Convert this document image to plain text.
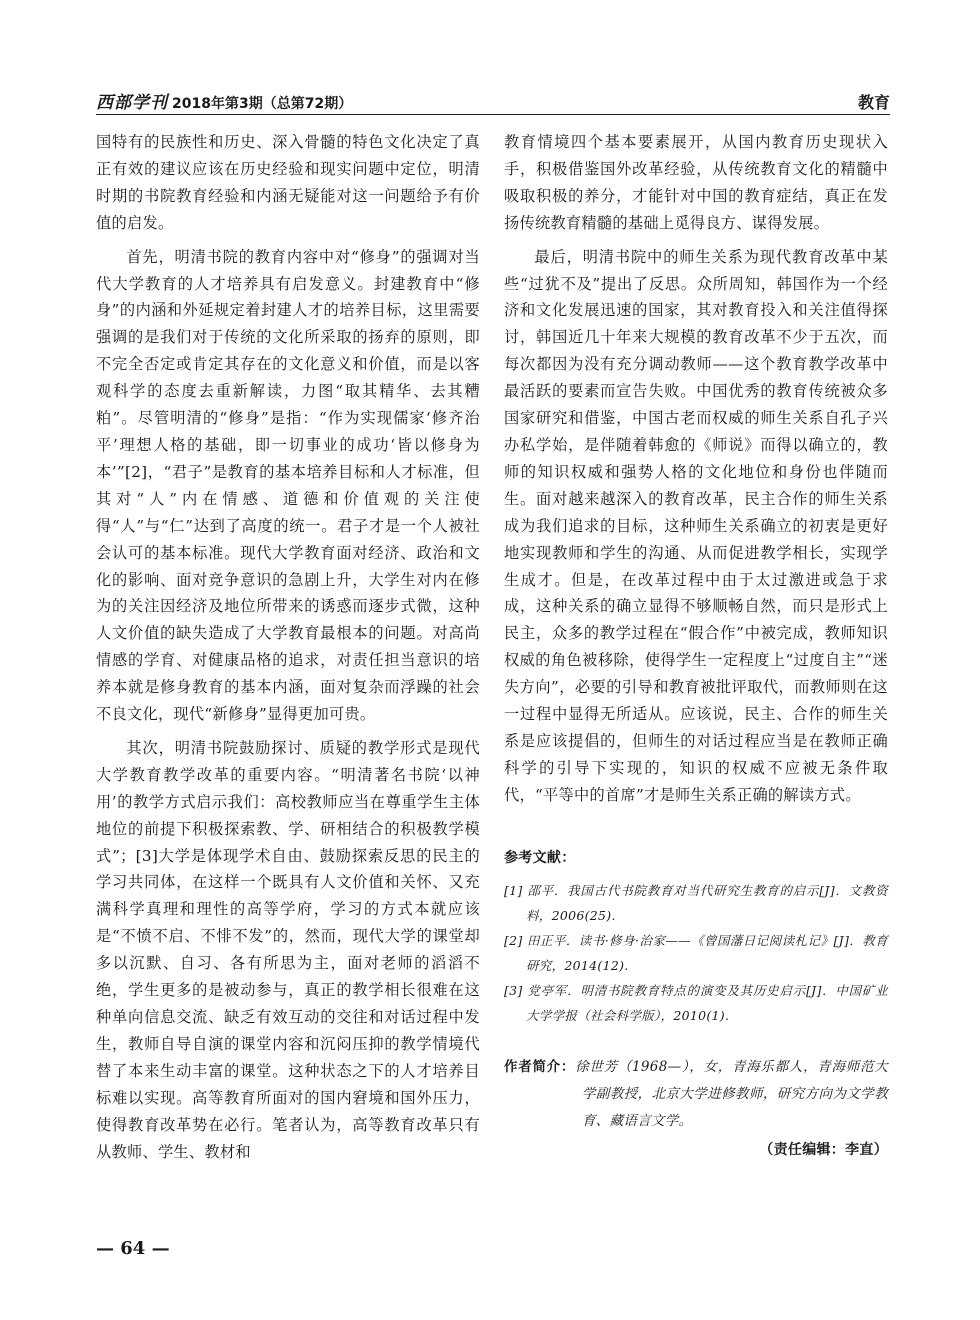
西部学刊 2018年第3期（总第72期）	教育

国特有的民族性和历史、深入骨髓的特色文化决定了真正有效的建议应该在历史经验和现实问题中定位，明清时期的书院教育经验和内涵无疑能对这一问题给予有价值的启发。

首先，明清书院的教育内容中对“修身”的强调对当代大学教育的人才培养具有启发意义。封建教育中“修身”的内涵和外延规定着封建人才的培养目标，这里需要强调的是我们对于传统的文化所采取的扬弃的原则，即不完全否定或肯定其存在的文化意义和价值，而是以客观科学的态度去重新解读，力图“取其精华、去其糟粕”。尽管明清的“修身”是指：“作为实现儒家‘修齐治平’理想人格的基础，即一切事业的成功‘皆以修身为本’”[2]，“君子”是教育的基本培养目标和人才标准，但其对“人”内在情感、道德和价值观的关注使得“人”与“仁”达到了高度的统一。君子才是一个人被社会认可的基本标准。现代大学教育面对经济、政治和文化的影响、面对竞争意识的急剧上升，大学生对内在修为的关注因经济及地位所带来的诱惑而逐步式微，这种人文价值的缺失造成了大学教育最根本的问题。对高尚情感的学育、对健康品格的追求，对责任担当意识的培养本就是修身教育的基本内涵，面对复杂而浮躁的社会不良文化，现代“新修身”显得更加可贵。

其次，明清书院鼓励探讨、质疑的教学形式是现代大学教育教学改革的重要内容。“明清著名书院‘以神用’的教学方式启示我们：高校教师应当在尊重学生主体地位的前提下积极探索教、学、研相结合的积极教学模式”；[3]大学是体现学术自由、鼓励探索反思的民主的学习共同体，在这样一个既具有人文价值和关怀、又充满科学真理和理性的高等学府，学习的方式本就应该是“不愤不启、不悱不发”的，然而，现代大学的课堂却多以沉默、自习、各有所思为主，面对老师的滔滔不绝，学生更多的是被动参与，真正的教学相长很难在这种单向信息交流、缺乏有效互动的交往和对话过程中发生，教师自导自演的课堂内容和沉闷压抑的教学情境代替了本来生动丰富的课堂。这种状态之下的人才培养目标难以实现。高等教育所面对的国内窘境和国外压力，使得教育改革势在必行。笔者认为，高等教育改革只有从教师、学生、教材和

教育情境四个基本要素展开，从国内教育历史现状入手，积极借鉴国外改革经验，从传统教育文化的精髓中吸取积极的养分，才能针对中国的教育症结，真正在发扬传统教育精髓的基础上觅得良方、谋得发展。

最后，明清书院中的师生关系为现代教育改革中某些“过犹不及”提出了反思。众所周知，韩国作为一个经济和文化发展迅速的国家，其对教育投入和关注值得探讨，韩国近几十年来大规模的教育改革不少于五次，而每次都因为没有充分调动教师——这个教育教学改革中最活跃的要素而宣告失败。中国优秀的教育传统被众多国家研究和借鉴，中国古老而权威的师生关系自孔子兴办私学始，是伴随着韩愈的《师说》而得以确立的，教师的知识权威和强势人格的文化地位和身份也伴随而生。面对越来越深入的教育改革，民主合作的师生关系成为我们追求的目标，这种师生关系确立的初衷是更好地实现教师和学生的沟通、从而促进教学相长，实现学生成才。但是，在改革过程中由于太过激进或急于求成，这种关系的确立显得不够顺畅自然，而只是形式上民主，众多的教学过程在“假合作”中被完成，教师知识权威的角色被移除，使得学生一定程度上“过度自主”“迷失方向”，必要的引导和教育被批评取代，而教师则在这一过程中显得无所适从。应该说，民主、合作的师生关系是应该提倡的，但师生的对话过程应当是在教师正确科学的引导下实现的，知识的权威不应被无条件取代，“平等中的首席”才是师生关系正确的解读方式。

参考文献：
[1] 邵平．我国古代书院教育对当代研究生教育的启示[J]．文教资料，2006(25).
[2] 田正平．读书·修身·治家——《曾国藩日记阅读札记》[J]．教育研究，2014(12).
[3] 党亭军．明清书院教育特点的演变及其历史启示[J]．中国矿业大学学报（社会科学版），2010(1).
作者简介：徐世芳（1968—），女，青海乐都人，青海师范大学副教授，北京大学进修教师，研究方向为文学教育、藏语言文学。
（责任编辑：李直）
— 64 —
